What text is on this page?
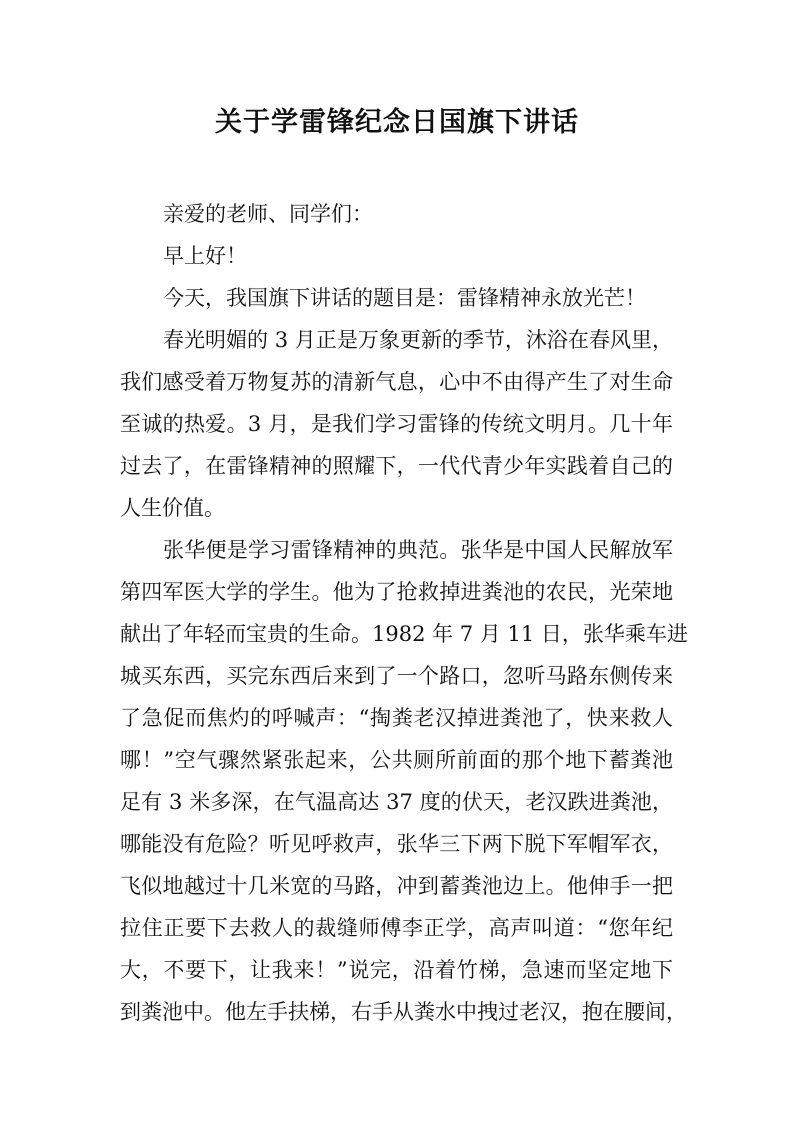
关于学雷锋纪念日国旗下讲话
亲爱的老师、同学们：
早上好！
今天，我国旗下讲话的题目是：雷锋精神永放光芒！
春光明媚的 3 月正是万象更新的季节，沐浴在春风里，
我们感受着万物复苏的清新气息，心中不由得产生了对生命
至诚的热爱。3 月，是我们学习雷锋的传统文明月。几十年
过去了，在雷锋精神的照耀下，一代代青少年实践着自己的
人生价值。
张华便是学习雷锋精神的典范。张华是中国人民解放军
第四军医大学的学生。他为了抢救掉进粪池的农民，光荣地
献出了年轻而宝贵的生命。1982 年 7 月 11 日，张华乘车进
城买东西，买完东西后来到了一个路口，忽听马路东侧传来
了急促而焦灼的呼喊声：“掏粪老汉掉进粪池了，快来救人
哪！”空气骤然紧张起来，公共厕所前面的那个地下蓄粪池
足有 3 米多深，在气温高达 37 度的伏天，老汉跌进粪池，
哪能没有危险？听见呼救声，张华三下两下脱下军帽军衣，
飞似地越过十几米宽的马路，冲到蓄粪池边上。他伸手一把
拉住正要下去救人的裁缝师傅李正学，高声叫道：“您年纪
大，不要下，让我来！”说完，沿着竹梯，急速而坚定地下
到粪池中。他左手扶梯，右手从粪水中拽过老汉，抱在腰间，
